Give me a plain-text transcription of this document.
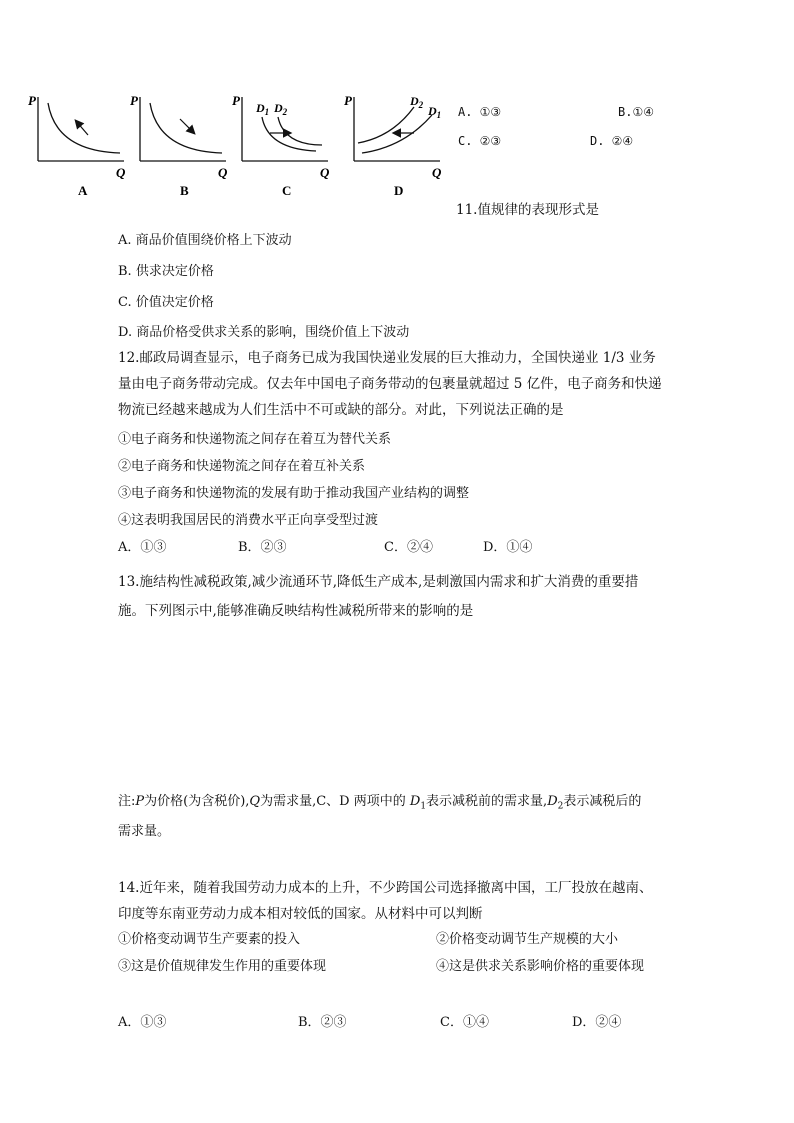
P
Q
A
P
Q
B
P
Q
$D_1$ $D_2$
C
P
Q
$D_2$ $D_1$
D
A. ①③	B.①④
C. ②③	D. ②④
11.值规律的表现形式是
A. 商品价值围绕价格上下波动
B. 供求决定价格
C. 价值决定价格
D. 商品价格受供求关系的影响，围绕价值上下波动
12.邮政局调查显示，电子商务已成为我国快递业发展的巨大推动力，全国快递业 1/3 业务
量由电子商务带动完成。仅去年中国电子商务带动的包裹量就超过 5 亿件，电子商务和快递
物流已经越来越成为人们生活中不可或缺的部分。对此，下列说法正确的是
①电子商务和快递物流之间存在着互为替代关系
②电子商务和快递物流之间存在着互补关系
③电子商务和快递物流的发展有助于推动我国产业结构的调整
④这表明我国居民的消费水平正向享受型过渡
A．①③	B．②③	C．②④	D．①④
13.施结构性减税政策,减少流通环节,降低生产成本,是刺激国内需求和扩大消费的重要措
施。下列图示中,能够准确反映结构性减税所带来的影响的是
注:P为价格(为含税价),Q为需求量,C、D 两项中的 $D_1$表示减税前的需求量$,D_2$表示减税后的
需求量。
14.近年来，随着我国劳动力成本的上升，不少跨国公司选择撤离中国，工厂投放在越南、
印度等东南亚劳动力成本相对较低的国家。从材料中可以判断
①价格变动调节生产要素的投入	②价格变动调节生产规模的大小
③这是价值规律发生作用的重要体现	④这是供求关系影响价格的重要体现
A．①③	B．②③	C．①④	D．②④
